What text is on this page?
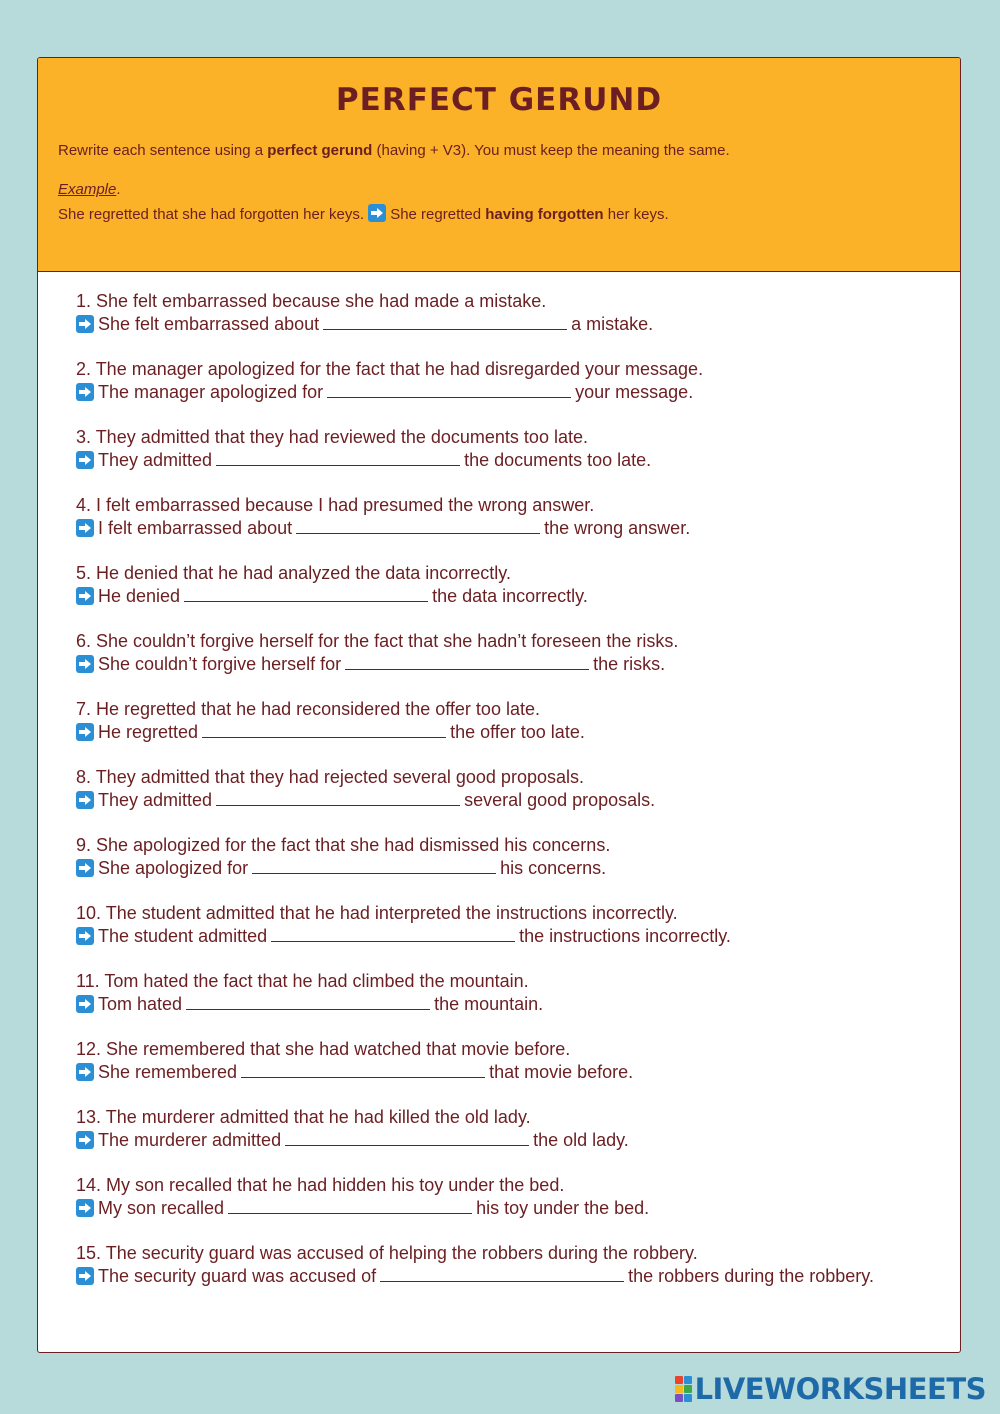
PERFECT GERUND
Rewrite each sentence using a perfect gerund (having + V3). You must keep the meaning the same.
Example.
She regretted that she had forgotten her keys. She regretted having forgotten her keys.
1. She felt embarrassed because she had made a mistake.
She felt embarrassed about	a mistake.
2. The manager apologized for the fact that he had disregarded your message.
The manager apologized for	your message.
3. They admitted that they had reviewed the documents too late.
They admitted	the documents too late.
4. I felt embarrassed because I had presumed the wrong answer.
I felt embarrassed about	the wrong answer.
5. He denied that he had analyzed the data incorrectly.
He denied	the data incorrectly.
6. She couldn’t forgive herself for the fact that she hadn’t foreseen the risks.
She couldn’t forgive herself for	the risks.
7. He regretted that he had reconsidered the offer too late.
He regretted	the offer too late.
8. They admitted that they had rejected several good proposals.
They admitted	several good proposals.
9. She apologized for the fact that she had dismissed his concerns.
She apologized for	his concerns.
10. The student admitted that he had interpreted the instructions incorrectly.
The student admitted	the instructions incorrectly.
11. Tom hated the fact that he had climbed the mountain.
Tom hated	the mountain.
12. She remembered that she had watched that movie before.
She remembered	that movie before.
13. The murderer admitted that he had killed the old lady.
The murderer admitted	the old lady.
14. My son recalled that he had hidden his toy under the bed.
My son recalled	his toy under the bed.
15. The security guard was accused of helping the robbers during the robbery.
The security guard was accused of	the robbers during the robbery.
LIVEWORKSHEETS
